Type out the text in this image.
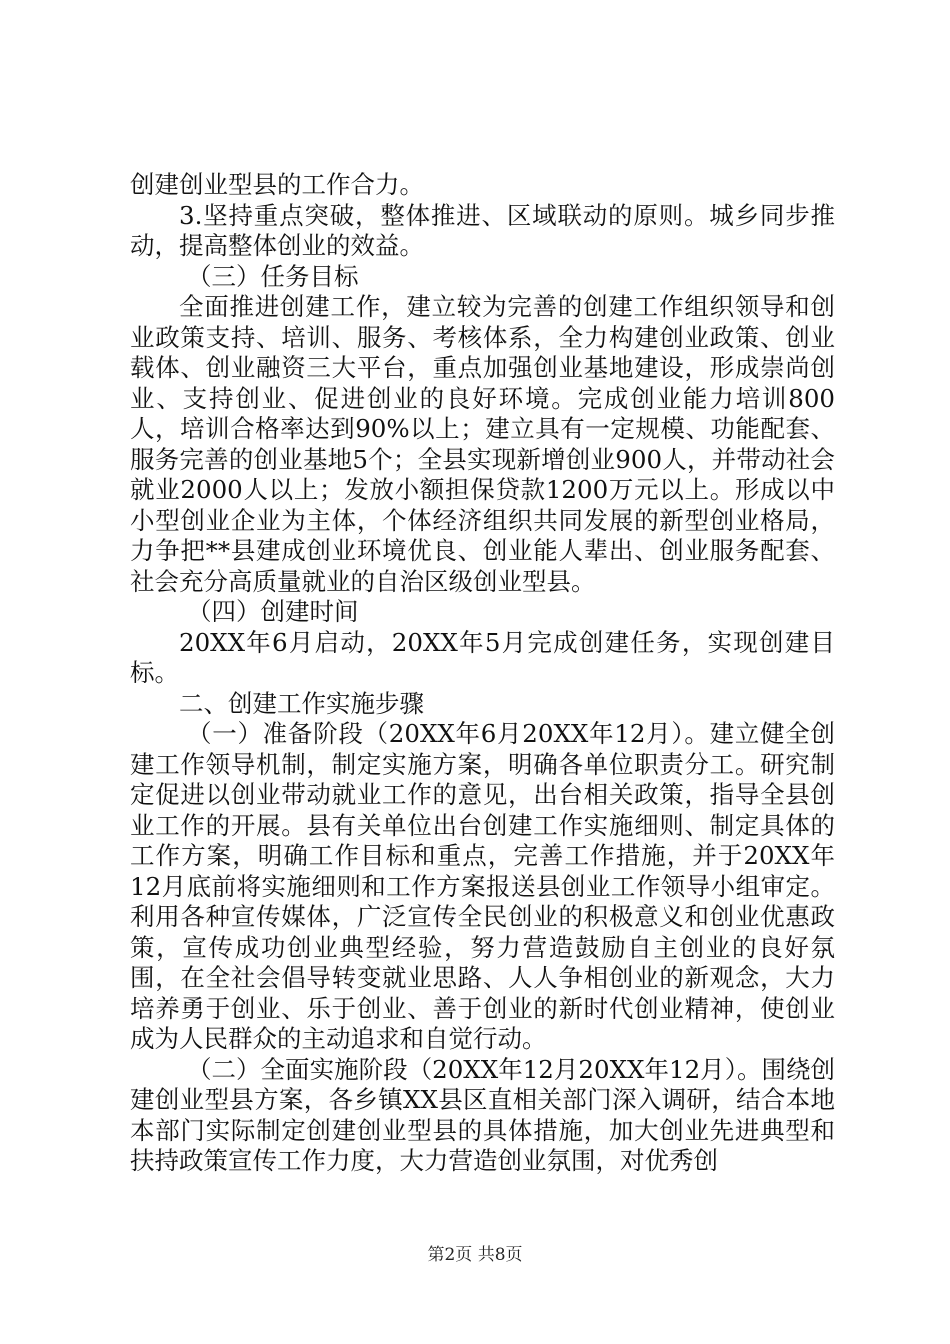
创建创业型县的工作合力。

3.坚持重点突破，整体推进、区域联动的原则。城乡同步推动，提高整体创业的效益。

（三）任务目标

全面推进创建工作，建立较为完善的创建工作组织领导和创业政策支持、培训、服务、考核体系，全力构建创业政策、创业载体、创业融资三大平台，重点加强创业基地建设，形成崇尚创业、支持创业、促进创业的良好环境。完成创业能力培训800人，培训合格率达到90%以上；建立具有一定规模、功能配套、服务完善的创业基地5个；全县实现新增创业900人，并带动社会就业2000人以上；发放小额担保贷款1200万元以上。形成以中小型创业企业为主体，个体经济组织共同发展的新型创业格局，力争把**县建成创业环境优良、创业能人辈出、创业服务配套、社会充分高质量就业的自治区级创业型县。

（四）创建时间

20XX年6月启动，20XX年5月完成创建任务，实现创建目标。

二、创建工作实施步骤

（一）准备阶段（20XX年6月20XX年12月）。建立健全创建工作领导机制，制定实施方案，明确各单位职责分工。研究制定促进以创业带动就业工作的意见，出台相关政策，指导全县创业工作的开展。县有关单位出台创建工作实施细则、制定具体的工作方案，明确工作目标和重点，完善工作措施，并于20XX年12月底前将实施细则和工作方案报送县创业工作领导小组审定。利用各种宣传媒体，广泛宣传全民创业的积极意义和创业优惠政策，宣传成功创业典型经验，努力营造鼓励自主创业的良好氛围，在全社会倡导转变就业思路、人人争相创业的新观念，大力培养勇于创业、乐于创业、善于创业的新时代创业精神，使创业成为人民群众的主动追求和自觉行动。

（二）全面实施阶段（20XX年12月20XX年12月）。围绕创建创业型县方案，各乡镇XX县区直相关部门深入调研，结合本地本部门实际制定创建创业型县的具体措施，加大创业先进典型和扶持政策宣传工作力度，大力营造创业氛围，对优秀创

第2页 共8页
